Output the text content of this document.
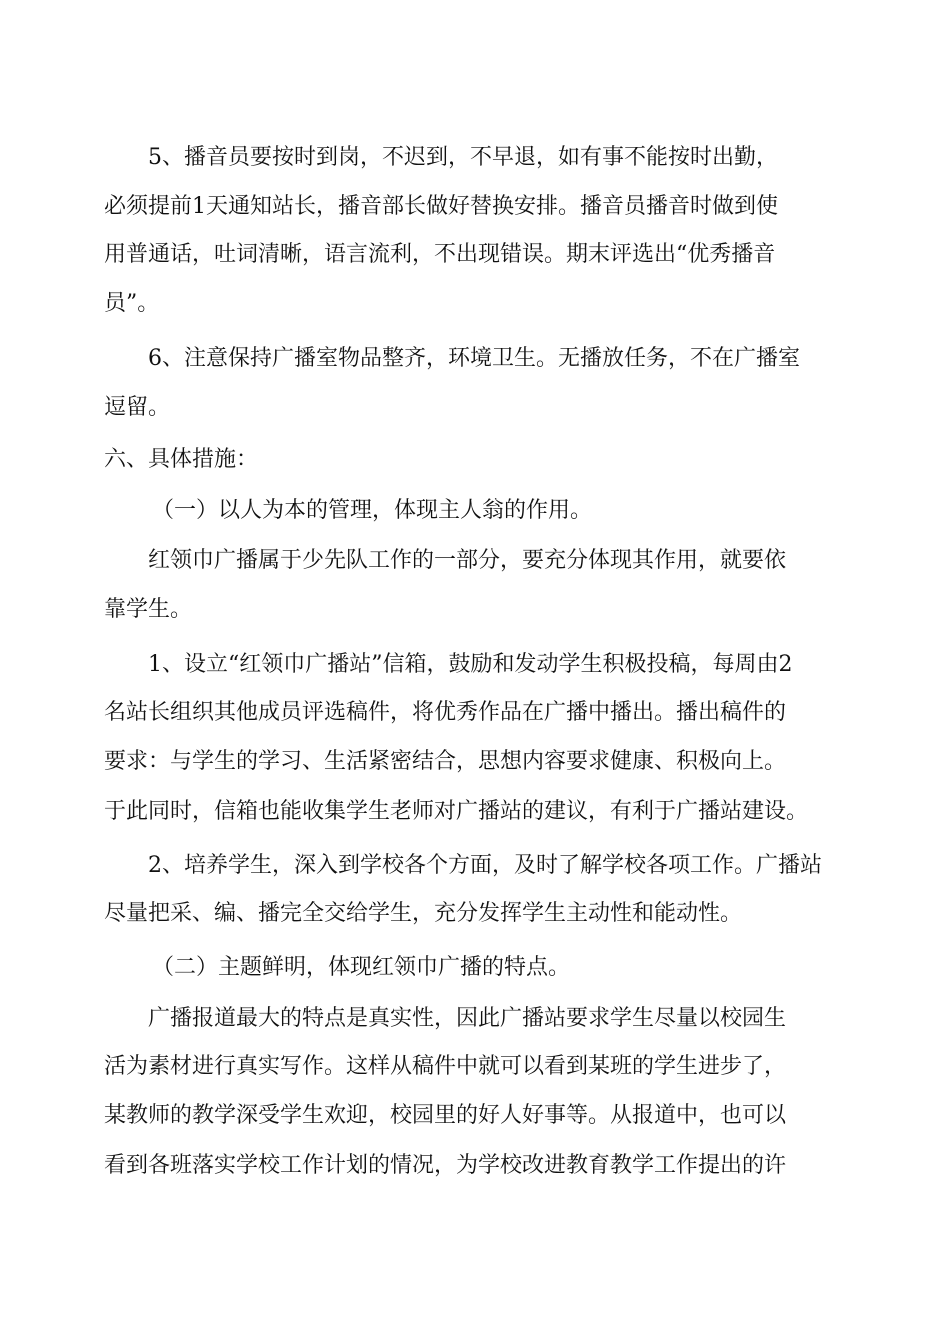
5、播音员要按时到岗，不迟到，不早退，如有事不能按时出勤，
必须提前1天通知站长，播音部长做好替换安排。播音员播音时做到使
用普通话，吐词清晰，语言流利，不出现错误。期末评选出“优秀播音
员”。
6、注意保持广播室物品整齐，环境卫生。无播放任务，不在广播室
逗留。
六、具体措施：
（一）以人为本的管理，体现主人翁的作用。
红领巾广播属于少先队工作的一部分，要充分体现其作用，就要依
靠学生。
1、设立“红领巾广播站”信箱，鼓励和发动学生积极投稿，每周由2
名站长组织其他成员评选稿件，将优秀作品在广播中播出。播出稿件的
要求：与学生的学习、生活紧密结合，思想内容要求健康、积极向上。
于此同时，信箱也能收集学生老师对广播站的建议，有利于广播站建设。
2、培养学生，深入到学校各个方面，及时了解学校各项工作。广播站
尽量把采、编、播完全交给学生，充分发挥学生主动性和能动性。
（二）主题鲜明，体现红领巾广播的特点。
广播报道最大的特点是真实性，因此广播站要求学生尽量以校园生
活为素材进行真实写作。这样从稿件中就可以看到某班的学生进步了，
某教师的教学深受学生欢迎，校园里的好人好事等。从报道中，也可以
看到各班落实学校工作计划的情况，为学校改进教育教学工作提出的许
